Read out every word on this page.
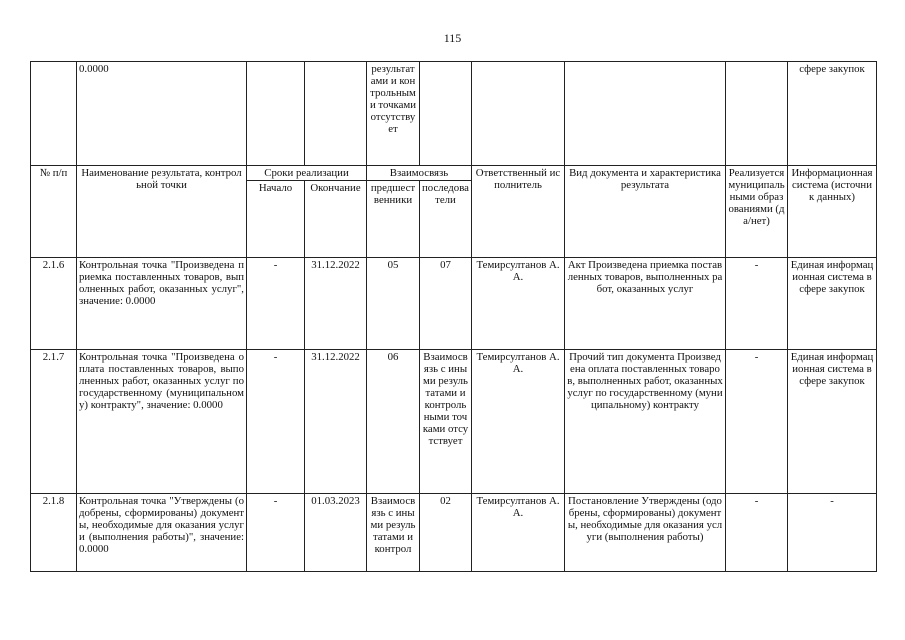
115
	0.0000			результатами и контрольными точками отсутствует					сфере закупок
№ п/п	Наименование результата, контрольной точки	Сроки реализации		Взаимосвязь		Ответственный исполнитель	Вид документа и характеристика результата	Реализуется муниципальными образованиями (да/нет)	Информационная система (источник данных)
		Начало	Окончание	предшественники	последователи				
2.1.6	Контрольная точка "Произведена приемка поставленных товаров, выполненных работ, оказанных услуг", значение: 0.0000	-	31.12.2022	05	07	Темирсултанов А.А.	Акт Произведена приемка поставленных товаров, выполненных работ, оказанных услуг	-	Единая информационная система в сфере закупок
2.1.7	Контрольная точка "Произведена оплата поставленных товаров, выполненных работ, оказанных услуг по государственному (муниципальному) контракту", значение: 0.0000	-	31.12.2022	06	Взаимосвязь с иными результатами и контрольными точками отсутствует	Темирсултанов А.А.	Прочий тип документа Произведена оплата поставленных товаров, выполненных работ, оказанных услуг по государственному (муниципальному) контракту	-	Единая информационная система в сфере закупок
2.1.8	Контрольная точка "Утверждены (одобрены, сформированы) документы, необходимые для оказания услуги (выполнения работы)", значение: 0.0000	-	01.03.2023	Взаимосвязь с иными результатами и контрол	02	Темирсултанов А.А.	Постановление Утверждены (одобрены, сформированы) документы, необходимые для оказания услуги (выполнения работы)	-	-
